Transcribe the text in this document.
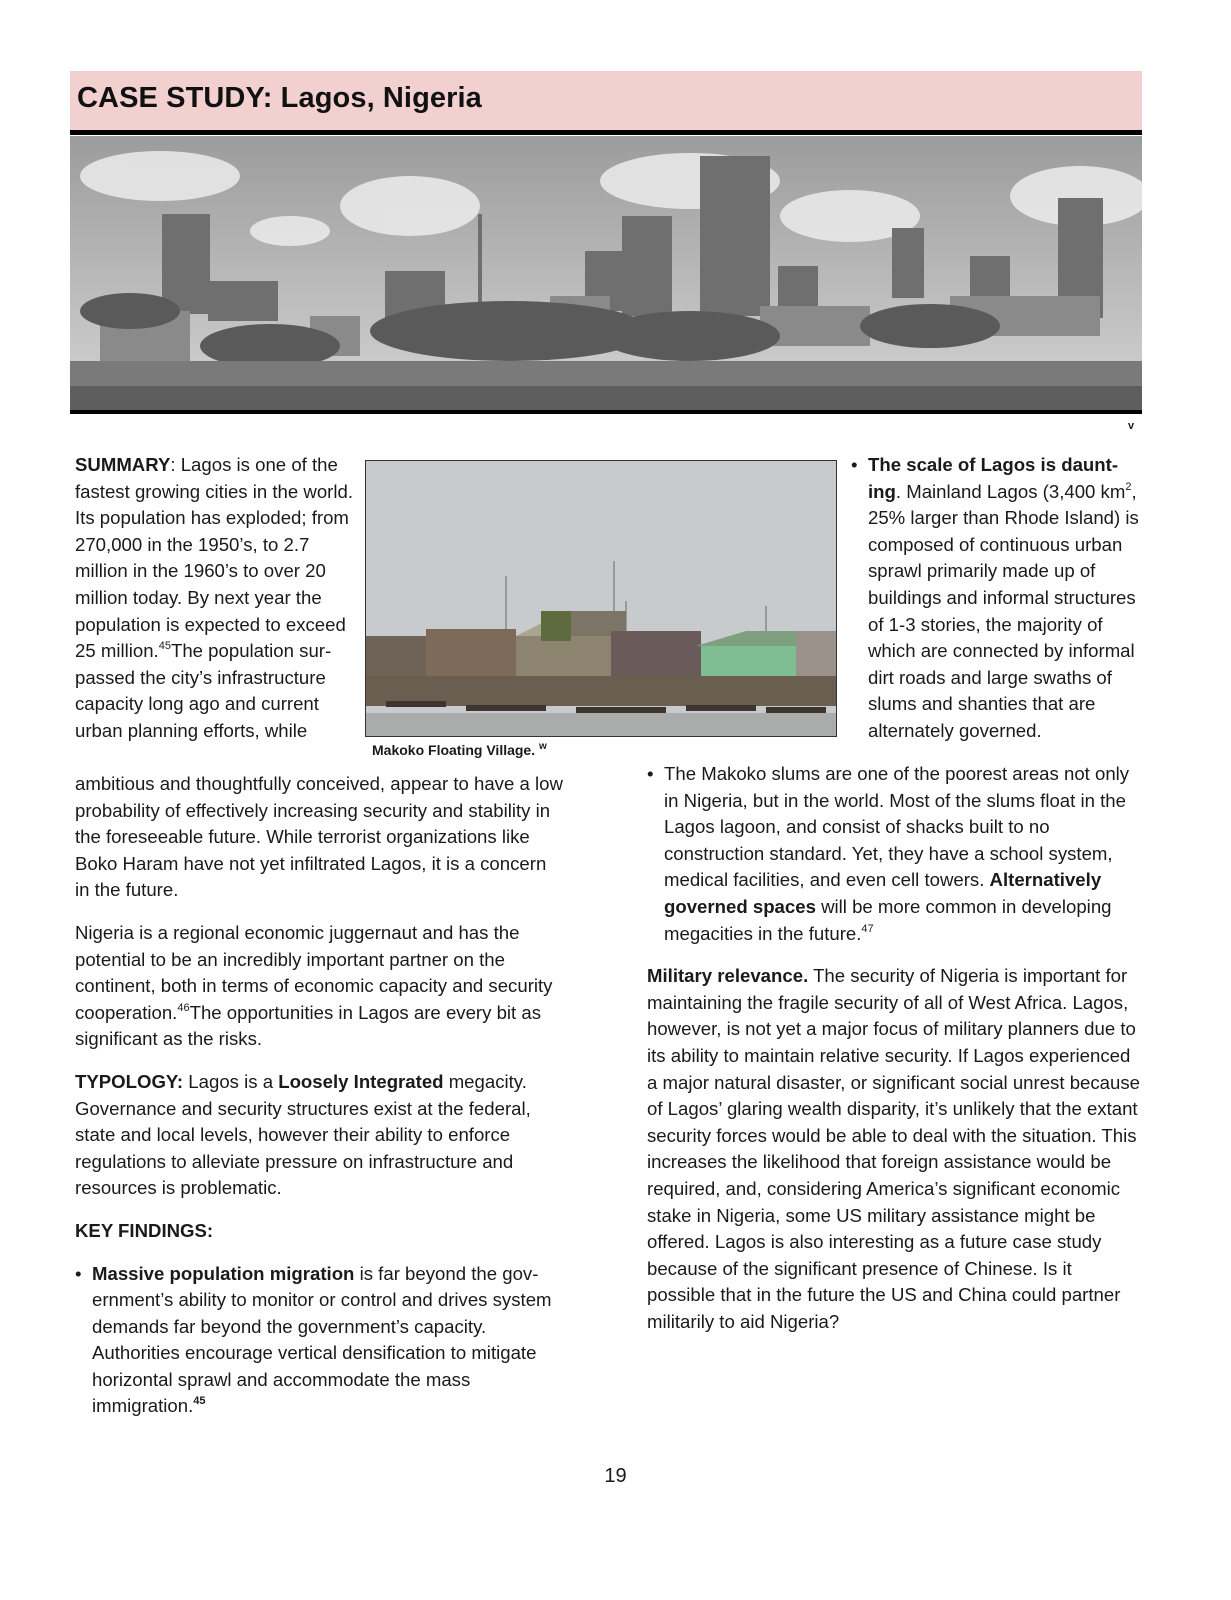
CASE STUDY: Lagos, Nigeria
v
Makoko Floating Village. $^w$

SUMMARY: Lagos is one of the fastest growing cities in the world. Its population has exploded; from 270,000 in the 1950’s, to 2.7 million in the 1960’s to over 20 million today. By next year the population is expected to exceed 25 million.$^{45}$The population surpassed the city’s infrastructure capacity long ago and current urban planning efforts, while

ambitious and thoughtfully conceived, appear to have a low probability of effectively increasing security and stability in the foreseeable future. While terrorist organizations like Boko Haram have not yet infiltrated Lagos, it is a concern in the future.

Nigeria is a regional economic juggernaut and has the potential to be an incredibly important partner on the continent, both in terms of economic capacity and security cooperation.$^{46}$The opportunities in Lagos are every bit as significant as the risks.

TYPOLOGY: Lagos is a Loosely Integrated megacity. Governance and security structures exist at the federal, state and local levels, however their ability to enforce regulations to alleviate pressure on infrastructure and resources is problematic.

KEY FINDINGS:

• Massive population migration is far beyond the government’s ability to monitor or control and drives system demands far beyond the government’s capacity. Authorities encourage vertical densification to mitigate horizontal sprawl and accommodate the mass immigration.$^{45}$
• The scale of Lagos is daunting. Mainland Lagos (3,400 $km^2$, 25% larger than Rhode Island) is composed of continuous urban sprawl primarily made up of buildings and informal structures of 1-3 stories, the majority of which are connected by informal dirt roads and large swaths of slums and shanties that are alternately governed.
• The Makoko slums are one of the poorest areas not only in Nigeria, but in the world. Most of the slums float in the Lagos lagoon, and consist of shacks built to no construction standard. Yet, they have a school system, medical facilities, and even cell towers. Alternatively governed spaces will be more common in developing megacities in the future.$^{47}$

Military relevance. The security of Nigeria is important for maintaining the fragile security of all of West Africa. Lagos, however, is not yet a major focus of military planners due to its ability to maintain relative security. If Lagos experienced a major natural disaster, or significant social unrest because of Lagos’ glaring wealth disparity, it’s unlikely that the extant security forces would be able to deal with the situation. This increases the likelihood that foreign assistance would be required, and, considering America’s significant economic stake in Nigeria, some US military assistance might be offered. Lagos is also interesting as a future case study because of the significant presence of Chinese. Is it possible that in the future the US and China could partner militarily to aid Nigeria?

19
